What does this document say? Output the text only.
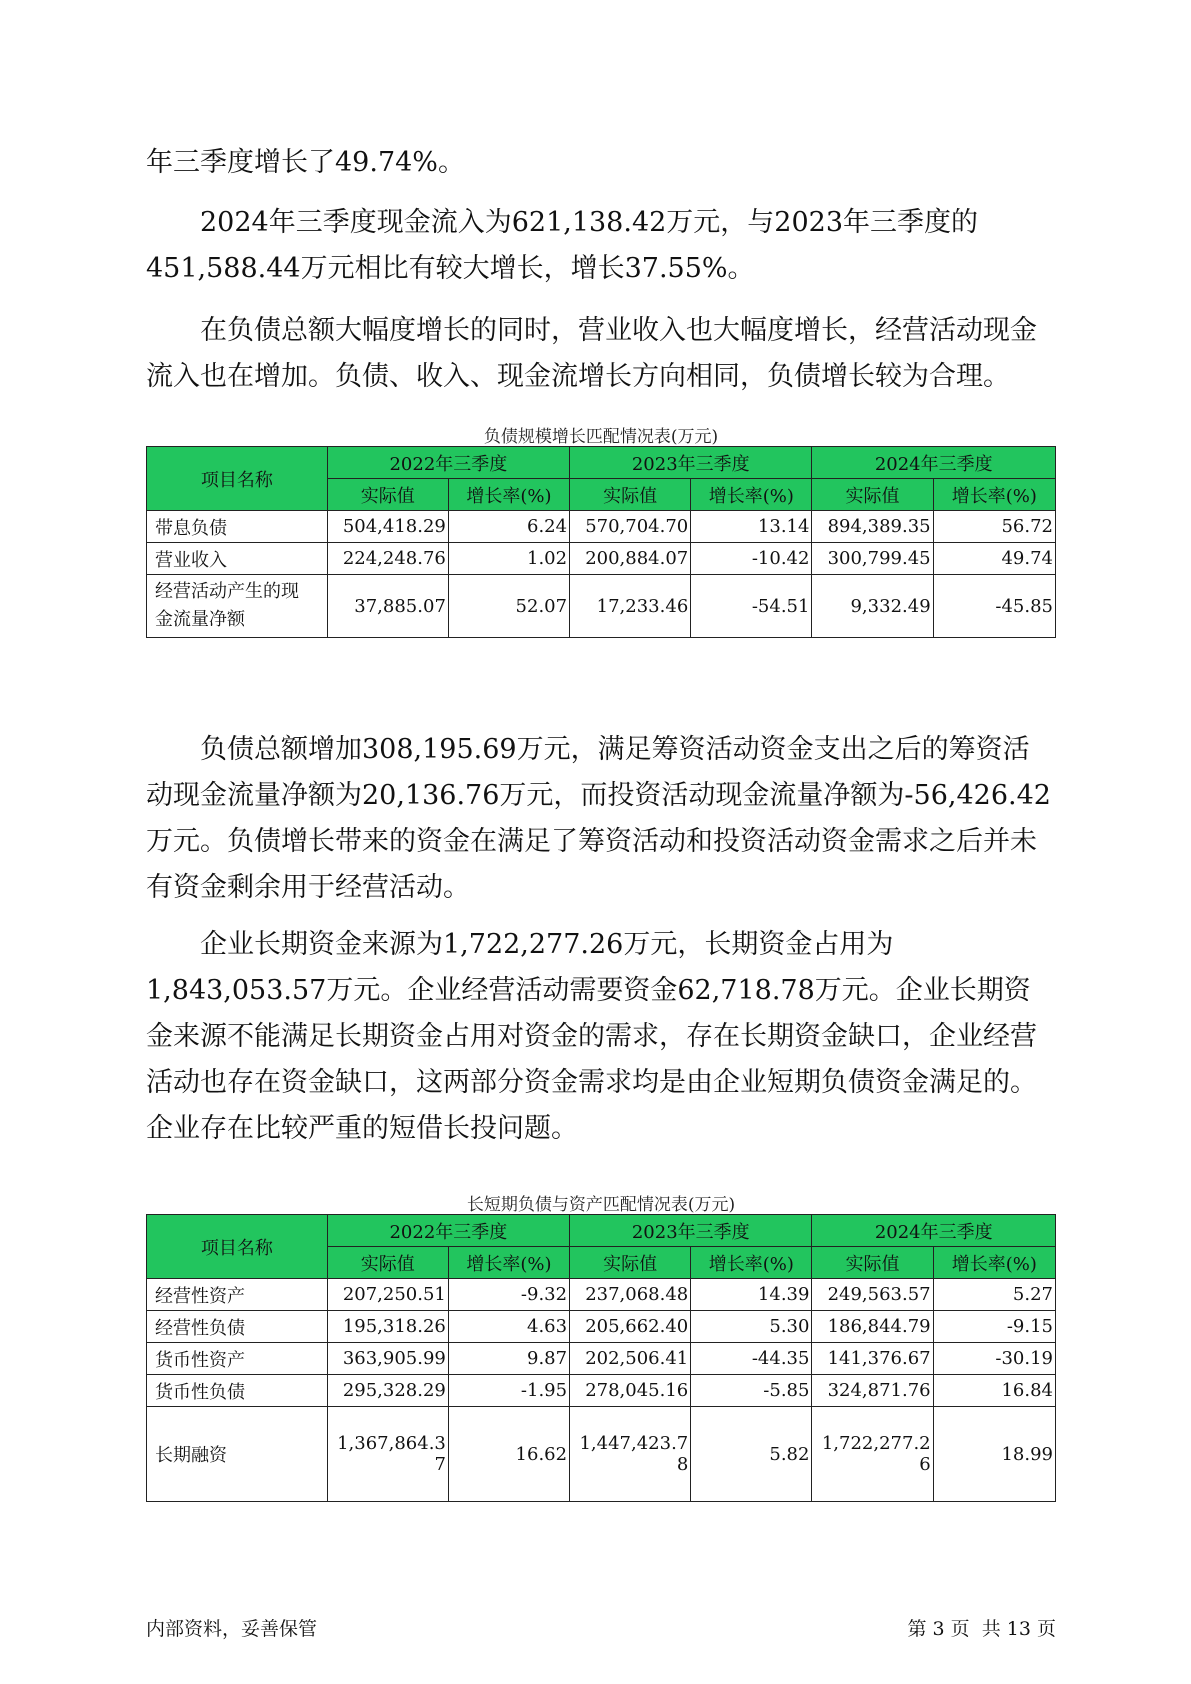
年三季度增长了49.74%。

2024年三季度现金流入为621,138.42万元，与2023年三季度的451,588.44万元相比有较大增长，增长37.55%。

在负债总额大幅度增长的同时，营业收入也大幅度增长，经营活动现金流入也在增加。负债、收入、现金流增长方向相同，负债增长较为合理。

负债规模增长匹配情况表(万元)
项目名称	2022年三季度		2023年三季度		2024年三季度	
	实际值	增长率(%)	实际值	增长率(%)	实际值	增长率(%)
带息负债	504,418.29	6.24	570,704.70	13.14	894,389.35	56.72
营业收入	224,248.76	1.02	200,884.07	-10.42	300,799.45	49.74
经营活动产生的现
金流量净额	37,885.07	52.07	17,233.46	-54.51	9,332.49	-45.85

负债总额增加308,195.69万元，满足筹资活动资金支出之后的筹资活动现金流量净额为20,136.76万元，而投资活动现金流量净额为-56,426.42万元。负债增长带来的资金在满足了筹资活动和投资活动资金需求之后并未有资金剩余用于经营活动。

企业长期资金来源为1,722,277.26万元，长期资金占用为1,843,053.57万元。企业经营活动需要资金62,718.78万元。企业长期资金来源不能满足长期资金占用对资金的需求，存在长期资金缺口，企业经营活动也存在资金缺口，这两部分资金需求均是由企业短期负债资金满足的。企业存在比较严重的短借长投问题。

长短期负债与资产匹配情况表(万元)
项目名称	2022年三季度		2023年三季度		2024年三季度	
	实际值	增长率(%)	实际值	增长率(%)	实际值	增长率(%)
经营性资产	207,250.51	-9.32	237,068.48	14.39	249,563.57	5.27
经营性负债	195,318.26	4.63	205,662.40	5.30	186,844.79	-9.15
货币性资产	363,905.99	9.87	202,506.41	-44.35	141,376.67	-30.19
货币性负债	295,328.29	-1.95	278,045.16	-5.85	324,871.76	16.84
长期融资	1,367,864.37	16.62	1,447,423.78	5.82	1,722,277.26	18.99
内部资料，妥善保管	第 3 页  共 13 页
